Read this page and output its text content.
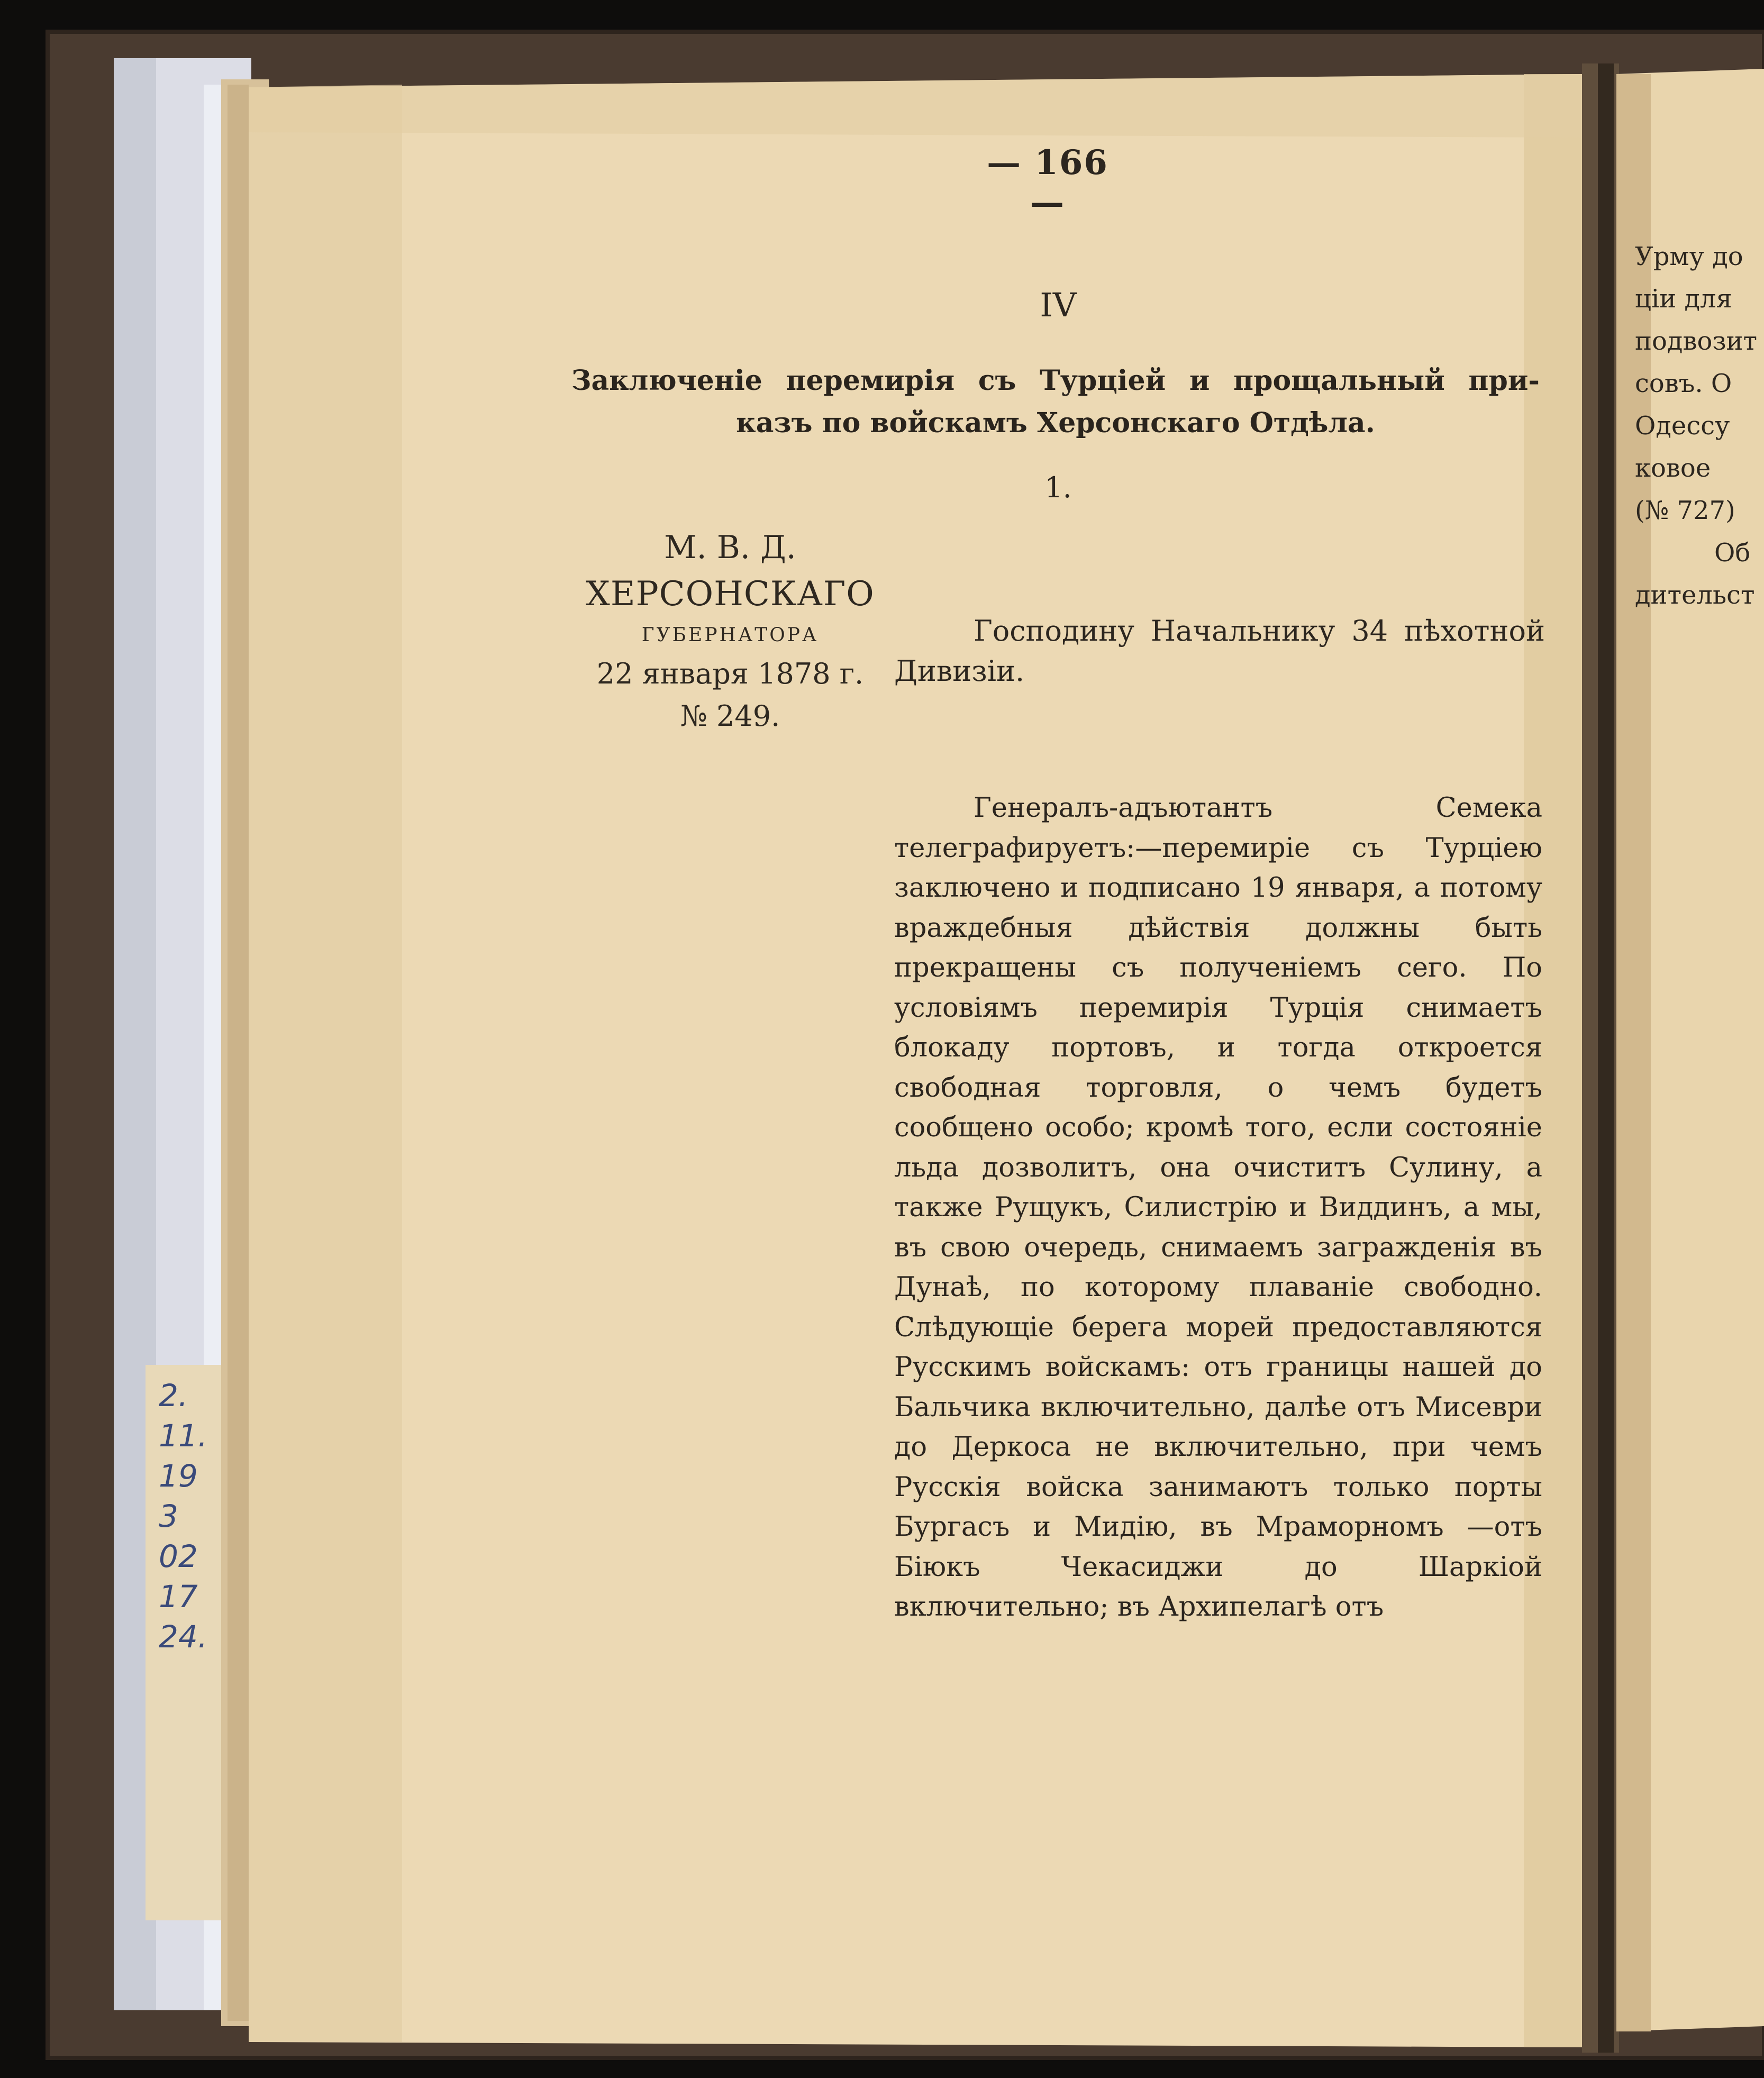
— 166 —
IV
Заключеніе перемирія съ Турціей и прощальный при-
казъ по войскамъ Херсонскаго Отдѣла.
1.
М. В. Д.
ХЕРСОНСКАГО
ГУБЕРНАТОРА
22 января 1878 г.
№ 249.
Господину Начальнику 34 пѣхотной Дивизіи.
Генералъ-адъютантъ Семека телеграфируетъ:—перемиріе съ Турціею заключено и подписано 19 января, а потому враждебныя дѣйствія должны быть прекращены съ полученіемъ сего. По условіямъ перемирія Турція снимаетъ блокаду портовъ, и тогда откроется свободная торговля, о чемъ будетъ сообщено особо; кромѣ того, если состояніе льда дозволитъ, она очиститъ Сулину, а также Рущукъ, Силистрію и Виддинъ, а мы, въ свою очередь, снимаемъ загражденія въ Дунаѣ, по которому плаваніе свободно. Слѣдующіе берега морей предоставляются Русскимъ войскамъ: отъ границы нашей до Бальчика включительно, далѣе отъ Мисеври до Деркоса не включительно, при чемъ Русскія войска занимаютъ только порты Бургасъ и Мидію, въ Мраморномъ —отъ Біюкъ Чекасиджи до Шаркіой включительно; въ Архипелагѣ отъ
Урму до
ціи для
подвозит
совъ. О
Одессу
ковое
(№ 727)
Об
дительст
2.
11.
19
3
02
17
24.
